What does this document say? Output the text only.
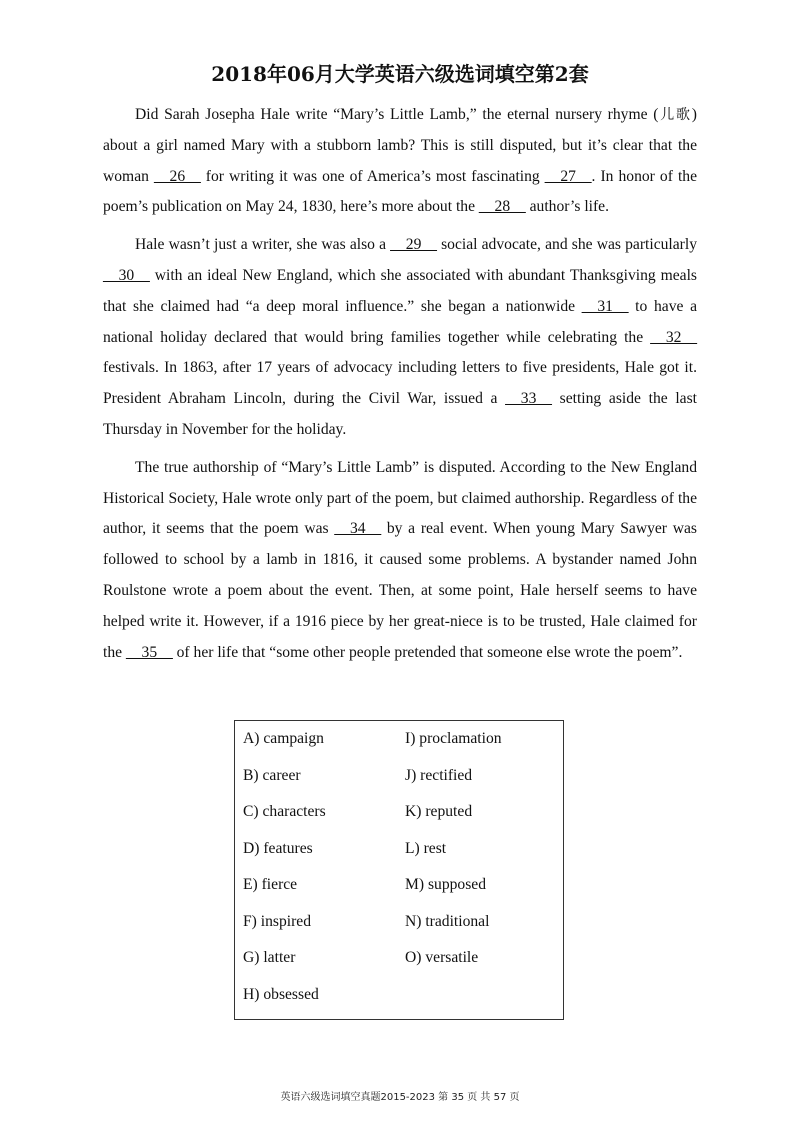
2018年06月大学英语六级选词填空第2套

Did Sarah Josepha Hale write “Mary’s Little Lamb,” the eternal nursery rhyme (儿歌) about a girl named Mary with a stubborn lamb? This is still disputed, but it’s clear that the woman __26__ for writing it was one of America’s most fascinating __27__. In honor of the poem’s publication on May 24, 1830, here’s more about the __28__ author’s life.

Hale wasn’t just a writer, she was also a __29__ social advocate, and she was particularly __30__ with an ideal New England, which she associated with abundant Thanksgiving meals that she claimed had “a deep moral influence.” she began a nationwide __31__ to have a national holiday declared that would bring families together while celebrating the __32__ festivals. In 1863, after 17 years of advocacy including letters to five presidents, Hale got it. President Abraham Lincoln, during the Civil War, issued a __33__ setting aside the last Thursday in November for the holiday.

The true authorship of “Mary’s Little Lamb” is disputed. According to the New England Historical Society, Hale wrote only part of the poem, but claimed authorship. Regardless of the author, it seems that the poem was __34__ by a real event. When young Mary Sawyer was followed to school by a lamb in 1816, it caused some problems. A bystander named John Roulstone wrote a poem about the event. Then, at some point, Hale herself seems to have helped write it. However, if a 1916 piece by her great-niece is to be trusted, Hale claimed for the __35__ of her life that “some other people pretended that someone else wrote the poem”.

A) campaign
B) career
C) characters
D) features
E) fierce
F) inspired
G) latter
H) obsessed
I) proclamation
J) rectified
K) reputed
L) rest
M) supposed
N) traditional
O) versatile
英语六级选词填空真题2015-2023 第 35 页 共 57 页
